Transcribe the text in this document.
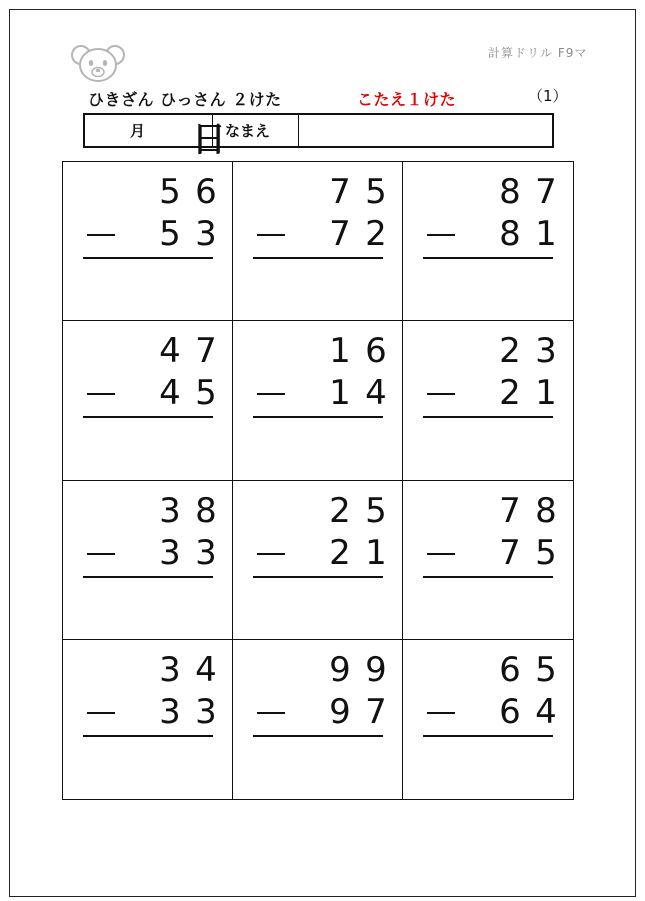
計算ドリル F9マ
ひきざん ひっさん ２けた	こたえ１けた	（1）
月 日 なまえ
5 6
5 3
7 5
7 2
8 7
8 1
4 7
4 5
1 6
1 4
2 3
2 1
3 8
3 3
2 5
2 1
7 8
7 5
3 4
3 3
9 9
9 7
6 5
6 4
